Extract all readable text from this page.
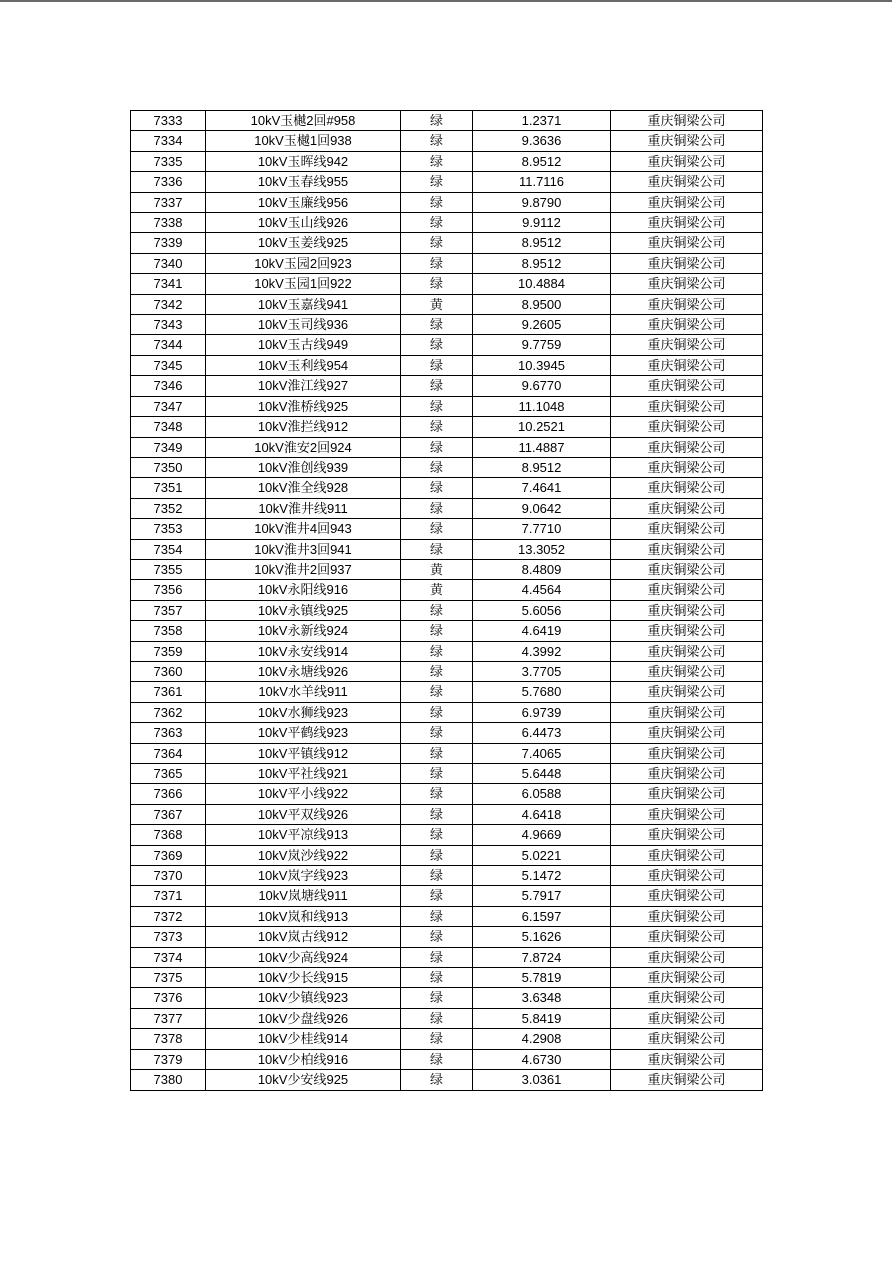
7333	10kV玉樾2回#958	绿	1.2371	重庆铜梁公司
7334	10kV玉樾1回938	绿	9.3636	重庆铜梁公司
7335	10kV玉晖线942	绿	8.9512	重庆铜梁公司
7336	10kV玉春线955	绿	11.7116	重庆铜梁公司
7337	10kV玉廉线956	绿	9.8790	重庆铜梁公司
7338	10kV玉山线926	绿	9.9112	重庆铜梁公司
7339	10kV玉姜线925	绿	8.9512	重庆铜梁公司
7340	10kV玉园2回923	绿	8.9512	重庆铜梁公司
7341	10kV玉园1回922	绿	10.4884	重庆铜梁公司
7342	10kV玉嘉线941	黄	8.9500	重庆铜梁公司
7343	10kV玉司线936	绿	9.2605	重庆铜梁公司
7344	10kV玉古线949	绿	9.7759	重庆铜梁公司
7345	10kV玉利线954	绿	10.3945	重庆铜梁公司
7346	10kV淮江线927	绿	9.6770	重庆铜梁公司
7347	10kV淮桥线925	绿	11.1048	重庆铜梁公司
7348	10kV淮拦线912	绿	10.2521	重庆铜梁公司
7349	10kV淮安2回924	绿	11.4887	重庆铜梁公司
7350	10kV淮创线939	绿	8.9512	重庆铜梁公司
7351	10kV淮全线928	绿	7.4641	重庆铜梁公司
7352	10kV淮井线911	绿	9.0642	重庆铜梁公司
7353	10kV淮井4回943	绿	7.7710	重庆铜梁公司
7354	10kV淮井3回941	绿	13.3052	重庆铜梁公司
7355	10kV淮井2回937	黄	8.4809	重庆铜梁公司
7356	10kV永阳线916	黄	4.4564	重庆铜梁公司
7357	10kV永镇线925	绿	5.6056	重庆铜梁公司
7358	10kV永新线924	绿	4.6419	重庆铜梁公司
7359	10kV永安线914	绿	4.3992	重庆铜梁公司
7360	10kV永塘线926	绿	3.7705	重庆铜梁公司
7361	10kV水羊线911	绿	5.7680	重庆铜梁公司
7362	10kV水狮线923	绿	6.9739	重庆铜梁公司
7363	10kV平鹤线923	绿	6.4473	重庆铜梁公司
7364	10kV平镇线912	绿	7.4065	重庆铜梁公司
7365	10kV平社线921	绿	5.6448	重庆铜梁公司
7366	10kV平小线922	绿	6.0588	重庆铜梁公司
7367	10kV平双线926	绿	4.6418	重庆铜梁公司
7368	10kV平凉线913	绿	4.9669	重庆铜梁公司
7369	10kV岚沙线922	绿	5.0221	重庆铜梁公司
7370	10kV岚字线923	绿	5.1472	重庆铜梁公司
7371	10kV岚塘线911	绿	5.7917	重庆铜梁公司
7372	10kV岚和线913	绿	6.1597	重庆铜梁公司
7373	10kV岚古线912	绿	5.1626	重庆铜梁公司
7374	10kV少高线924	绿	7.8724	重庆铜梁公司
7375	10kV少长线915	绿	5.7819	重庆铜梁公司
7376	10kV少镇线923	绿	3.6348	重庆铜梁公司
7377	10kV少盘线926	绿	5.8419	重庆铜梁公司
7378	10kV少桂线914	绿	4.2908	重庆铜梁公司
7379	10kV少柏线916	绿	4.6730	重庆铜梁公司
7380	10kV少安线925	绿	3.0361	重庆铜梁公司
